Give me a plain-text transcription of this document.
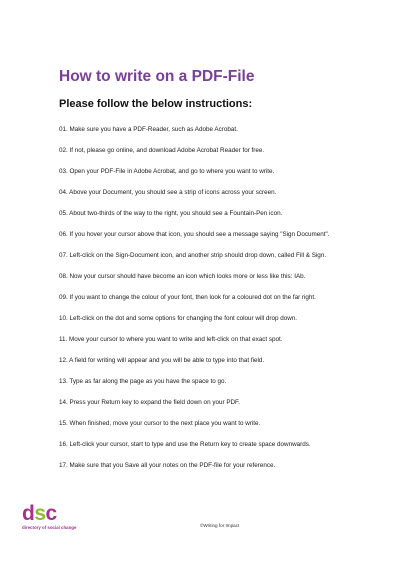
How to write on a PDF-File
Please follow the below instructions:
01. Make sure you have a PDF-Reader, such as Adobe Acrobat.
02. If not, please go online, and download Adobe Acrobat Reader for free.
03. Open your PDF-File in Adobe Acrobat, and go to where you want to write.
04. Above your Document, you should see a strip of icons across your screen.
05. About two-thirds of the way to the right, you should see a Fountain-Pen icon.
06. If you hover your cursor above that icon, you should see a message saying "Sign Document".
07. Left-click on the Sign-Document icon, and another strip should drop down, called Fill & Sign.
08. Now your cursor should have become an icon which looks more or less like this: IAb.
09. If you want to change the colour of your font, then look for a coloured dot on the far right.
10. Left-click on the dot and some options for changing the font colour will drop down.
11. Move your cursor to where you want to write and left-click on that exact spot.
12. A field for writing will appear and you will be able to type into that field.
13. Type as far along the page as you have the space to go.
14. Press your Return key to expand the field down on your PDF.
15. When finished, move your cursor to the next place you want to write.
16. Left-click your cursor, start to type and use the Return key to create space downwards.
17. Make sure that you Save all your notes on the PDF-file for your reference.
dsc
directory of social change	©Writing for Impact
